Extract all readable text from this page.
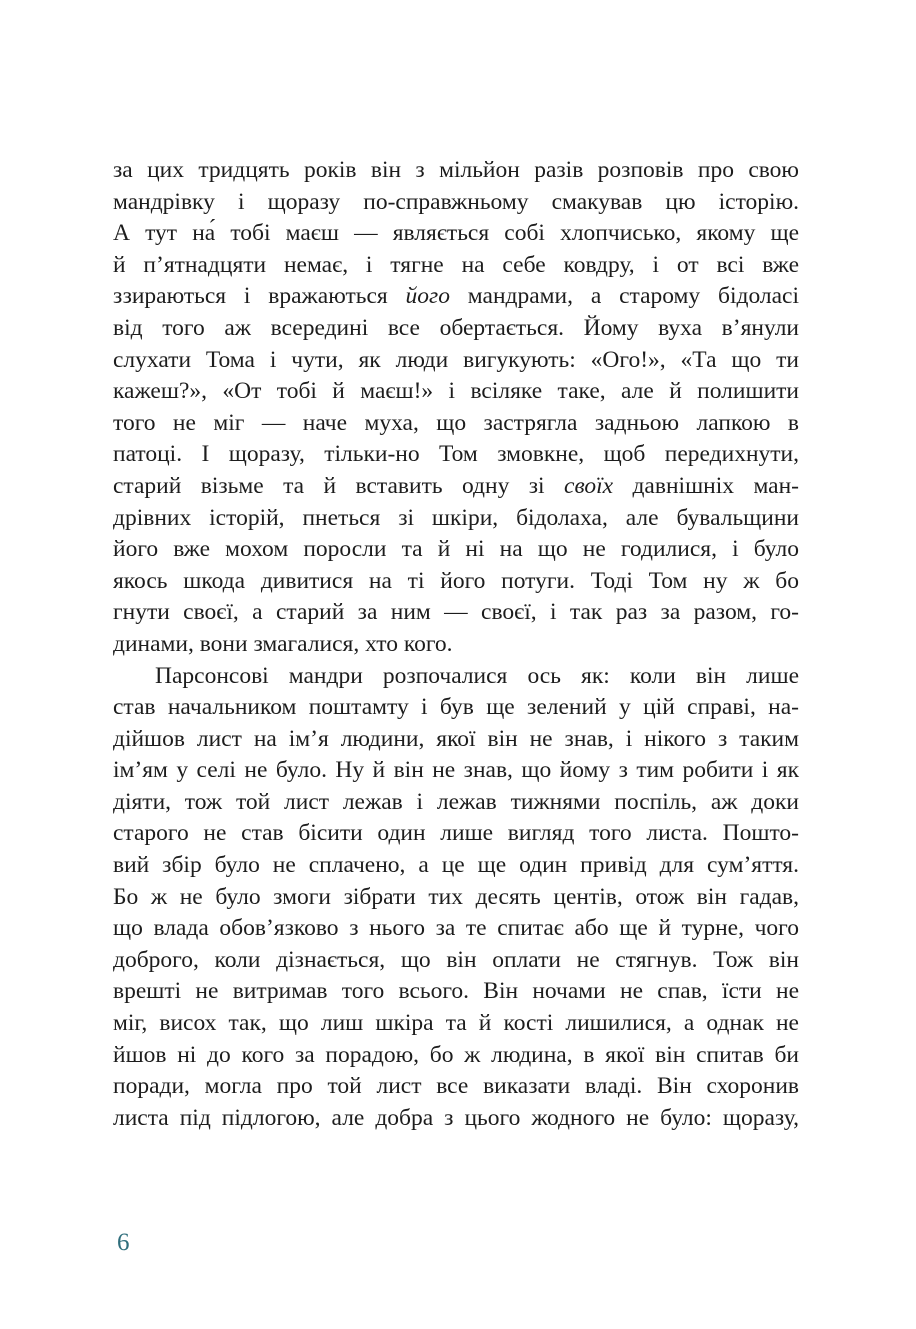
за цих тридцять років він з мільйон разів розповів про свою
мандрівку і щоразу по-справжньому смакував цю історію.
А тут на́ тобі маєш — являється собі хлопчисько, якому ще
й п’ятнадцяти немає, і тягне на себе ковдру, і от всі вже
ззираються і вражаються його мандрами, а старому бідоласі
від того аж всередині все обертається. Йому вуха в’янули
слухати Тома і чути, як люди вигукують: «Ого!», «Та що ти
кажеш?», «От тобі й маєш!» і всіляке таке, але й полишити
того не міг — наче муха, що застрягла задньою лапкою в
патоці. І щоразу, тільки-но Том змовкне, щоб передихнути,
старий візьме та й вставить одну зі своїх давнішніх ман-
дрівних історій, пнеться зі шкіри, бідолаха, але бувальщини
його вже мохом поросли та й ні на що не годилися, і було
якось шкода дивитися на ті його потуги. Тоді Том ну ж бо
гнути своєї, а старий за ним — своєї, і так раз за разом, го-
динами, вони змагалися, хто кого.
Парсонсові мандри розпочалися ось як: коли він лише
став начальником поштамту і був ще зелений у цій справі, на-
дійшов лист на ім’я людини, якої він не знав, і нікого з таким
ім’ям у селі не було. Ну й він не знав, що йому з тим робити і як
діяти, тож той лист лежав і лежав тижнями поспіль, аж доки
старого не став бісити один лише вигляд того листа. Пошто-
вий збір було не сплачено, а це ще один привід для сум’яття.
Бо ж не було змоги зібрати тих десять центів, отож він гадав,
що влада обов’язково з нього за те спитає або ще й турне, чого
доброго, коли дізнається, що він оплати не стягнув. Тож він
врешті не витримав того всього. Він ночами не спав, їсти не
міг, висох так, що лиш шкіра та й кості лишилися, а однак не
йшов ні до кого за порадою, бо ж людина, в якої він спитав би
поради, могла про той лист все виказати владі. Він схоронив
листа під підлогою, але добра з цього жодного не було: щоразу,
6
